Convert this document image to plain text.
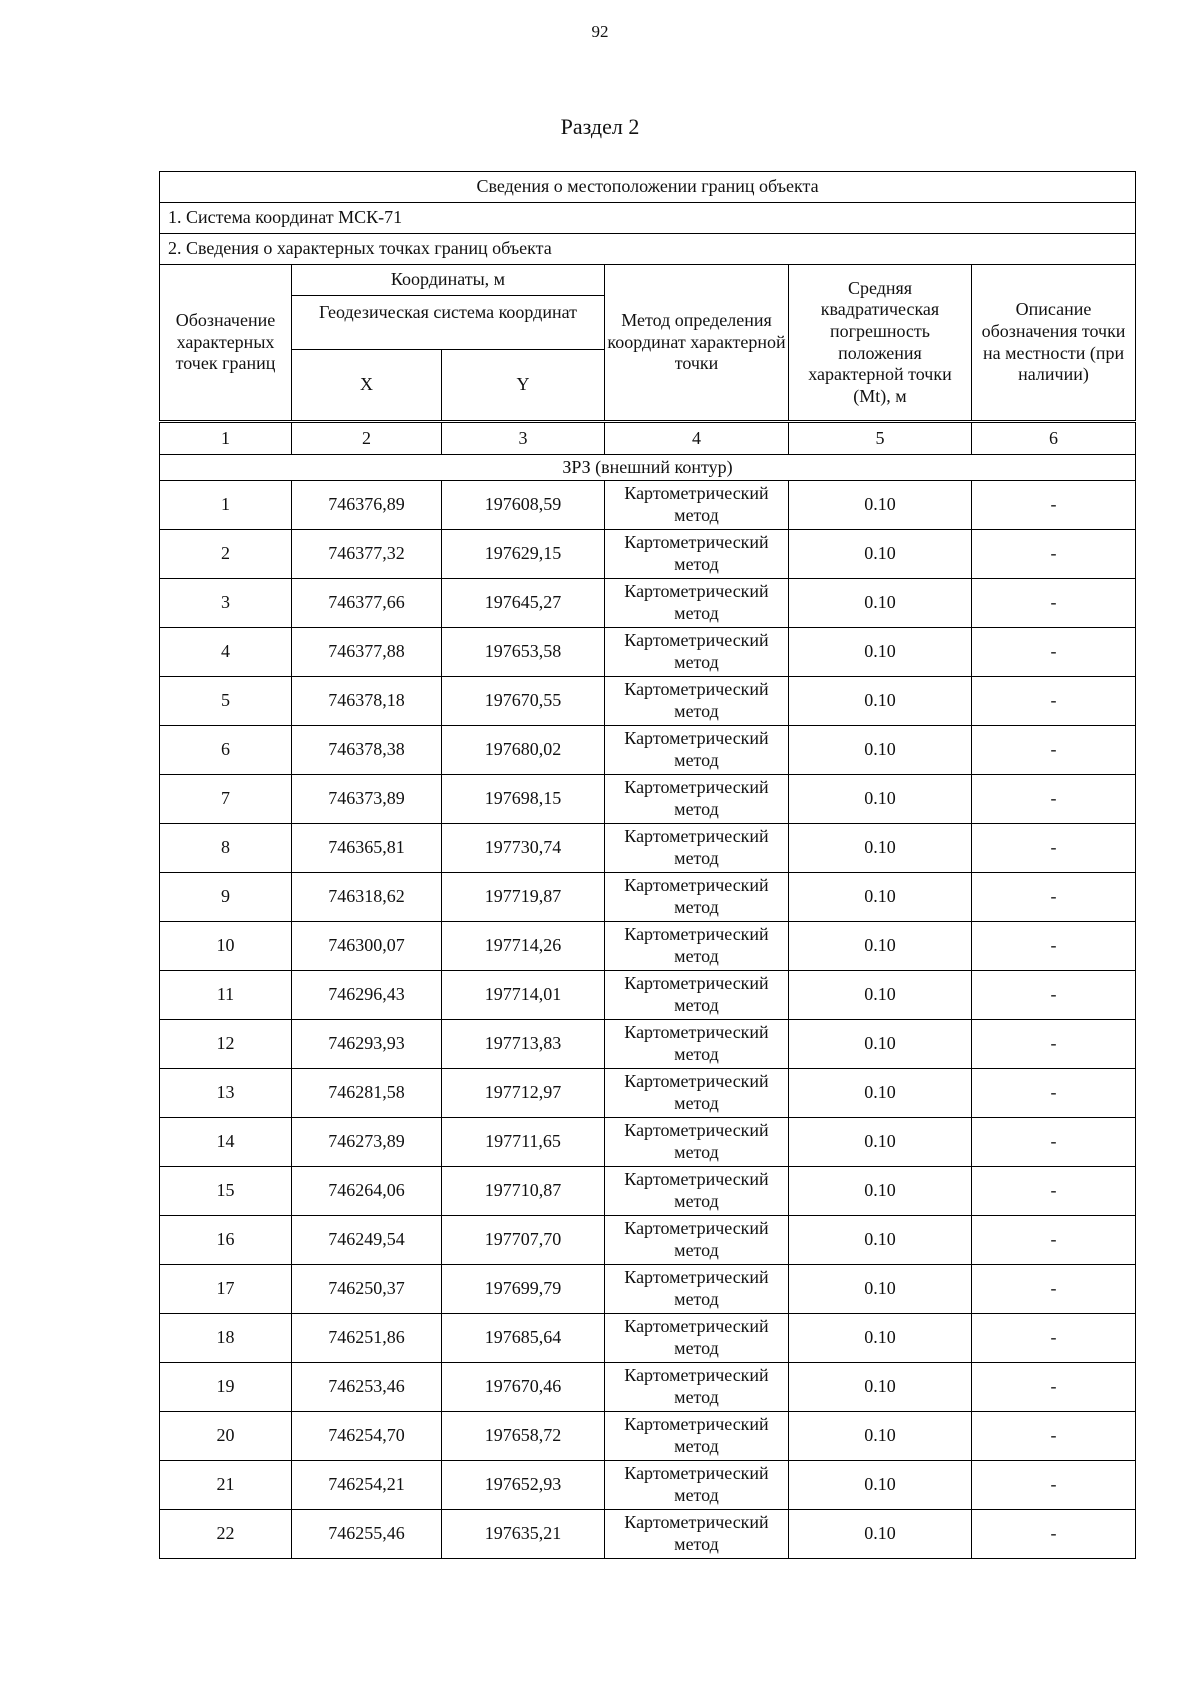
92
Раздел 2
Сведения о местоположении границ объекта					
1. Система координат МСК-71					
2. Сведения о характерных точках границ объекта					
Обозначение характерных точек границ	Координаты, м		Метод определения координат характерной точки	Средняя квадратическая погрешность положения характерной точки (Mt), м	Описание обозначения точки на местности (при наличии)
	Геодезическая система координат				
	X	Y			
1	2	3	4	5	6
ЗРЗ (внешний контур)					
1	746376,89	197608,59	Картометрический метод	0.10	-
2	746377,32	197629,15	Картометрический метод	0.10	-
3	746377,66	197645,27	Картометрический метод	0.10	-
4	746377,88	197653,58	Картометрический метод	0.10	-
5	746378,18	197670,55	Картометрический метод	0.10	-
6	746378,38	197680,02	Картометрический метод	0.10	-
7	746373,89	197698,15	Картометрический метод	0.10	-
8	746365,81	197730,74	Картометрический метод	0.10	-
9	746318,62	197719,87	Картометрический метод	0.10	-
10	746300,07	197714,26	Картометрический метод	0.10	-
11	746296,43	197714,01	Картометрический метод	0.10	-
12	746293,93	197713,83	Картометрический метод	0.10	-
13	746281,58	197712,97	Картометрический метод	0.10	-
14	746273,89	197711,65	Картометрический метод	0.10	-
15	746264,06	197710,87	Картометрический метод	0.10	-
16	746249,54	197707,70	Картометрический метод	0.10	-
17	746250,37	197699,79	Картометрический метод	0.10	-
18	746251,86	197685,64	Картометрический метод	0.10	-
19	746253,46	197670,46	Картометрический метод	0.10	-
20	746254,70	197658,72	Картометрический метод	0.10	-
21	746254,21	197652,93	Картометрический метод	0.10	-
22	746255,46	197635,21	Картометрический метод	0.10	-
